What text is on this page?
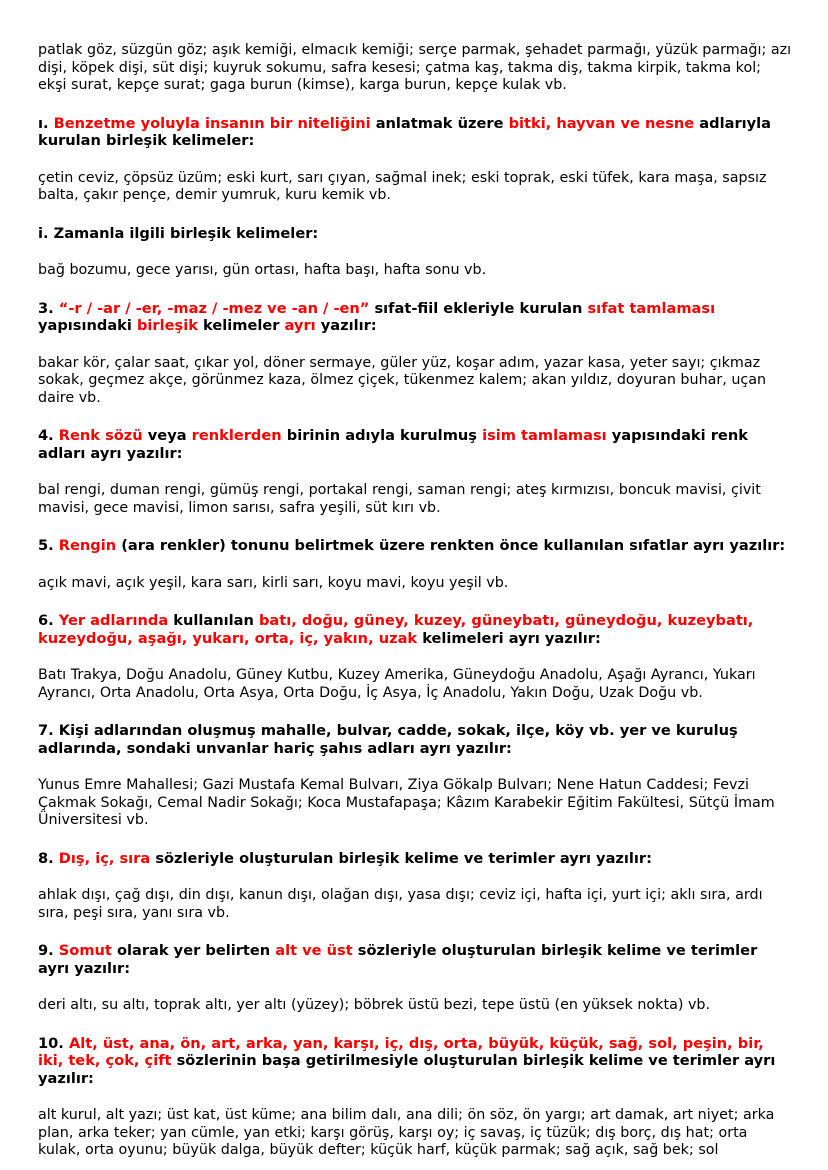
patlak göz, süzgün göz; aşık kemiği, elmacık kemiği; serçe parmak, şehadet parmağı, yüzük parmağı; azı dişi, köpek dişi, süt dişi; kuyruk sokumu, safra kesesi; çatma kaş, takma diş, takma kirpik, takma kol; ekşi surat, kepçe surat; gaga burun (kimse), karga burun, kepçe kulak vb.

ı. Benzetme yoluyla insanın bir niteliğini anlatmak üzere bitki, hayvan ve nesne adlarıyla kurulan birleşik kelimeler:

çetin ceviz, çöpsüz üzüm; eski kurt, sarı çıyan, sağmal inek; eski toprak, eski tüfek, kara maşa, sapsız balta, çakır pençe, demir yumruk, kuru kemik vb.

i. Zamanla ilgili birleşik kelimeler:

bağ bozumu, gece yarısı, gün ortası, hafta başı, hafta sonu vb.

3. “-r / -ar / -er, -maz / -mez ve -an / -en” sıfat-fiil ekleriyle kurulan sıfat tamlaması yapısındaki birleşik kelimeler ayrı yazılır:

bakar kör, çalar saat, çıkar yol, döner sermaye, güler yüz, koşar adım, yazar kasa, yeter sayı; çıkmaz sokak, geçmez akçe, görünmez kaza, ölmez çiçek, tükenmez kalem; akan yıldız, doyuran buhar, uçan daire vb.

4. Renk sözü veya renklerden birinin adıyla kurulmuş isim tamlaması yapısındaki renk adları ayrı yazılır:

bal rengi, duman rengi, gümüş rengi, portakal rengi, saman rengi; ateş kırmızısı, boncuk mavisi, çivit mavisi, gece mavisi, limon sarısı, safra yeşili, süt kırı vb.

5. Rengin (ara renkler) tonunu belirtmek üzere renkten önce kullanılan sıfatlar ayrı yazılır:

açık mavi, açık yeşil, kara sarı, kirli sarı, koyu mavi, koyu yeşil vb.

6. Yer adlarında kullanılan batı, doğu, güney, kuzey, güneybatı, güneydoğu, kuzeybatı, kuzeydoğu, aşağı, yukarı, orta, iç, yakın, uzak kelimeleri ayrı yazılır:

Batı Trakya, Doğu Anadolu, Güney Kutbu, Kuzey Amerika, Güneydoğu Anadolu, Aşağı Ayrancı, Yukarı Ayrancı, Orta Anadolu, Orta Asya, Orta Doğu, İç Asya, İç Anadolu, Yakın Doğu, Uzak Doğu vb.

7. Kişi adlarından oluşmuş mahalle, bulvar, cadde, sokak, ilçe, köy vb. yer ve kuruluş adlarında, sondaki unvanlar hariç şahıs adları ayrı yazılır:

Yunus Emre Mahallesi; Gazi Mustafa Kemal Bulvarı, Ziya Gökalp Bulvarı; Nene Hatun Caddesi; Fevzi Çakmak Sokağı, Cemal Nadir Sokağı; Koca Mustafapaşa; Kâzım Karabekir Eğitim Fakültesi, Sütçü İmam Üniversitesi vb.

8. Dış, iç, sıra sözleriyle oluşturulan birleşik kelime ve terimler ayrı yazılır:

ahlak dışı, çağ dışı, din dışı, kanun dışı, olağan dışı, yasa dışı; ceviz içi, hafta içi, yurt içi; aklı sıra, ardı sıra, peşi sıra, yanı sıra vb.

9. Somut olarak yer belirten alt ve üst sözleriyle oluşturulan birleşik kelime ve terimler ayrı yazılır:

deri altı, su altı, toprak altı, yer altı (yüzey); böbrek üstü bezi, tepe üstü (en yüksek nokta) vb.

10. Alt, üst, ana, ön, art, arka, yan, karşı, iç, dış, orta, büyük, küçük, sağ, sol, peşin, bir, iki, tek, çok, çift sözlerinin başa getirilmesiyle oluşturulan birleşik kelime ve terimler ayrı yazılır:

alt kurul, alt yazı; üst kat, üst küme; ana bilim dalı, ana dili; ön söz, ön yargı; art damak, art niyet; arka plan, arka teker; yan cümle, yan etki; karşı görüş, karşı oy; iç savaş, iç tüzük; dış borç, dış hat; orta kulak, orta oyunu; büyük dalga, büyük defter; küçük harf, küçük parmak; sağ açık, sağ bek; sol
